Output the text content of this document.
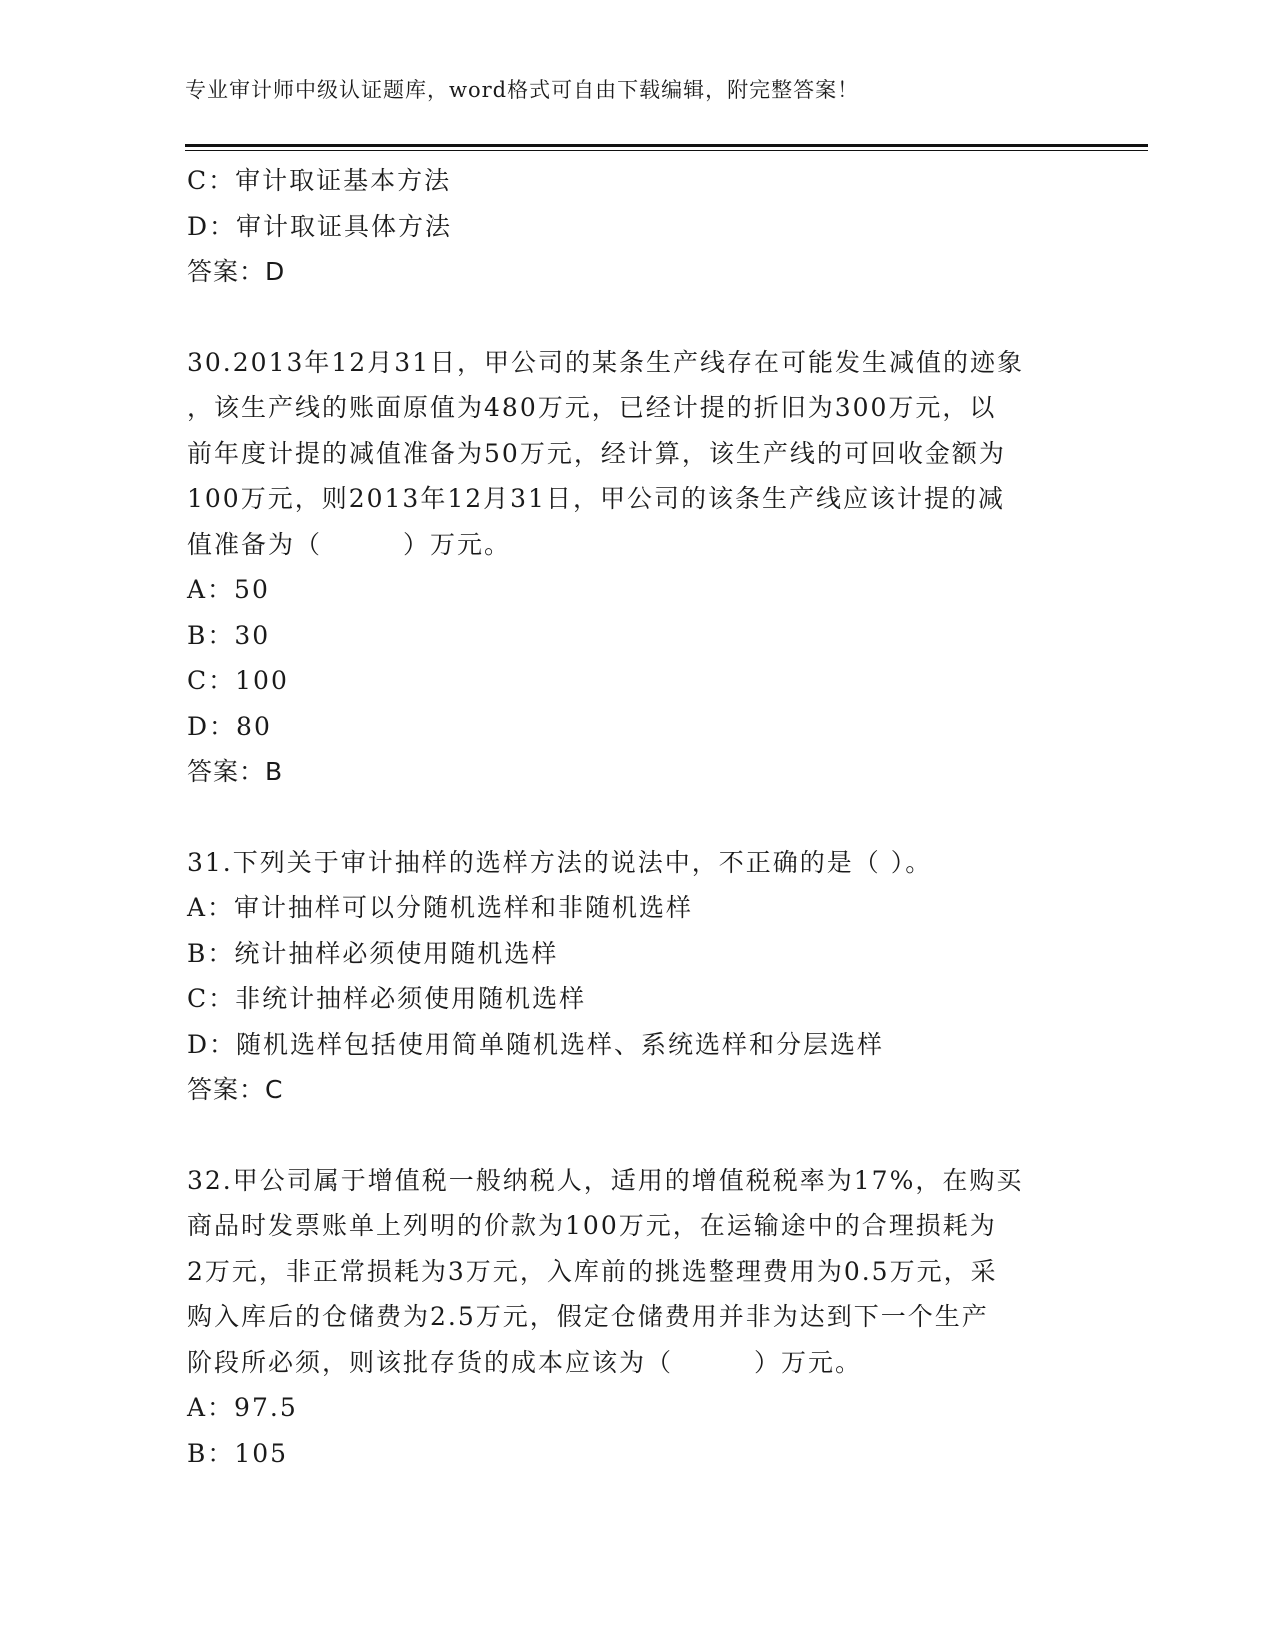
专业审计师中级认证题库，word格式可自由下载编辑，附完整答案！
C：审计取证基本方法
D：审计取证具体方法
答案：D
30.2013年12月31日，甲公司的某条生产线存在可能发生减值的迹象
，该生产线的账面原值为480万元，已经计提的折旧为300万元，以
前年度计提的减值准备为50万元，经计算，该生产线的可回收金额为
100万元，则2013年12月31日，甲公司的该条生产线应该计提的减
值准备为（　　　）万元。
A：50
B：30
C：100
D：80
答案：B
31.下列关于审计抽样的选样方法的说法中，不正确的是（ ）。
A：审计抽样可以分随机选样和非随机选样
B：统计抽样必须使用随机选样
C：非统计抽样必须使用随机选样
D：随机选样包括使用简单随机选样、系统选样和分层选样
答案：C
32.甲公司属于增值税一般纳税人，适用的增值税税率为17%，在购买
商品时发票账单上列明的价款为100万元，在运输途中的合理损耗为
2万元，非正常损耗为3万元，入库前的挑选整理费用为0.5万元，采
购入库后的仓储费为2.5万元，假定仓储费用并非为达到下一个生产
阶段所必须，则该批存货的成本应该为（　　　）万元。
A：97.5
B：105
